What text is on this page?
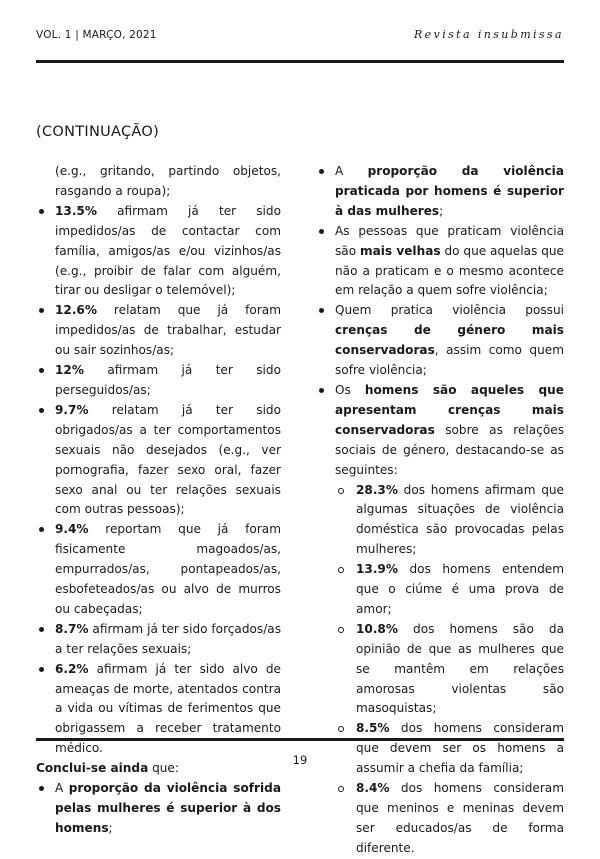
VOL. 1 | MARÇO, 2021	Revista insubmissa
(CONTINUAÇÃO)

(e.g., gritando, partindo objetos, rasgando a roupa);

13.5% afirmam já ter sido impedidos/as de contactar com família, amigos/as e/ou vizinhos/as (e.g., proibir de falar com alguém, tirar ou desligar o telemóvel);
12.6% relatam que já foram impedidos/as de trabalhar, estudar ou sair sozinhos/as;
12% afirmam já ter sido perseguidos/as;
9.7% relatam já ter sido obrigados/as a ter comportamentos sexuais não desejados (e.g., ver pornografia, fazer sexo oral, fazer sexo anal ou ter relações sexuais com outras pessoas);
9.4% reportam que já foram fisicamente magoados/as, empurrados/as, pontapeados/as, esbofeteados/as ou alvo de murros ou cabeçadas;
8.7% afirmam já ter sido forçados/as a ter relações sexuais;
6.2% afirmam já ter sido alvo de ameaças de morte, atentados contra a vida ou vítimas de ferimentos que obrigassem a receber tratamento médico.

Conclui-se ainda que:

A proporção da violência sofrida pelas mulheres é superior à dos homens;
A proporção da violência praticada por homens é superior à das mulheres;
As pessoas que praticam violência são mais velhas do que aquelas que não a praticam e o mesmo acontece em relação a quem sofre violência;
Quem pratica violência possui crenças de género mais conservadoras, assim como quem sofre violência;
Os homens são aqueles que apresentam crenças mais conservadoras sobre as relações sociais de género, destacando-se as seguintes:
28.3% dos homens afirmam que algumas situações de violência doméstica são provocadas pelas mulheres;
13.9% dos homens entendem que o ciúme é uma prova de amor;
10.8% dos homens são da opinião de que as mulheres que se mantêm em relações amorosas violentas são masoquistas;
8.5% dos homens consideram que devem ser os homens a assumir a chefia da família;
8.4% dos homens consideram que meninos e meninas devem ser educados/as de forma diferente.
19
